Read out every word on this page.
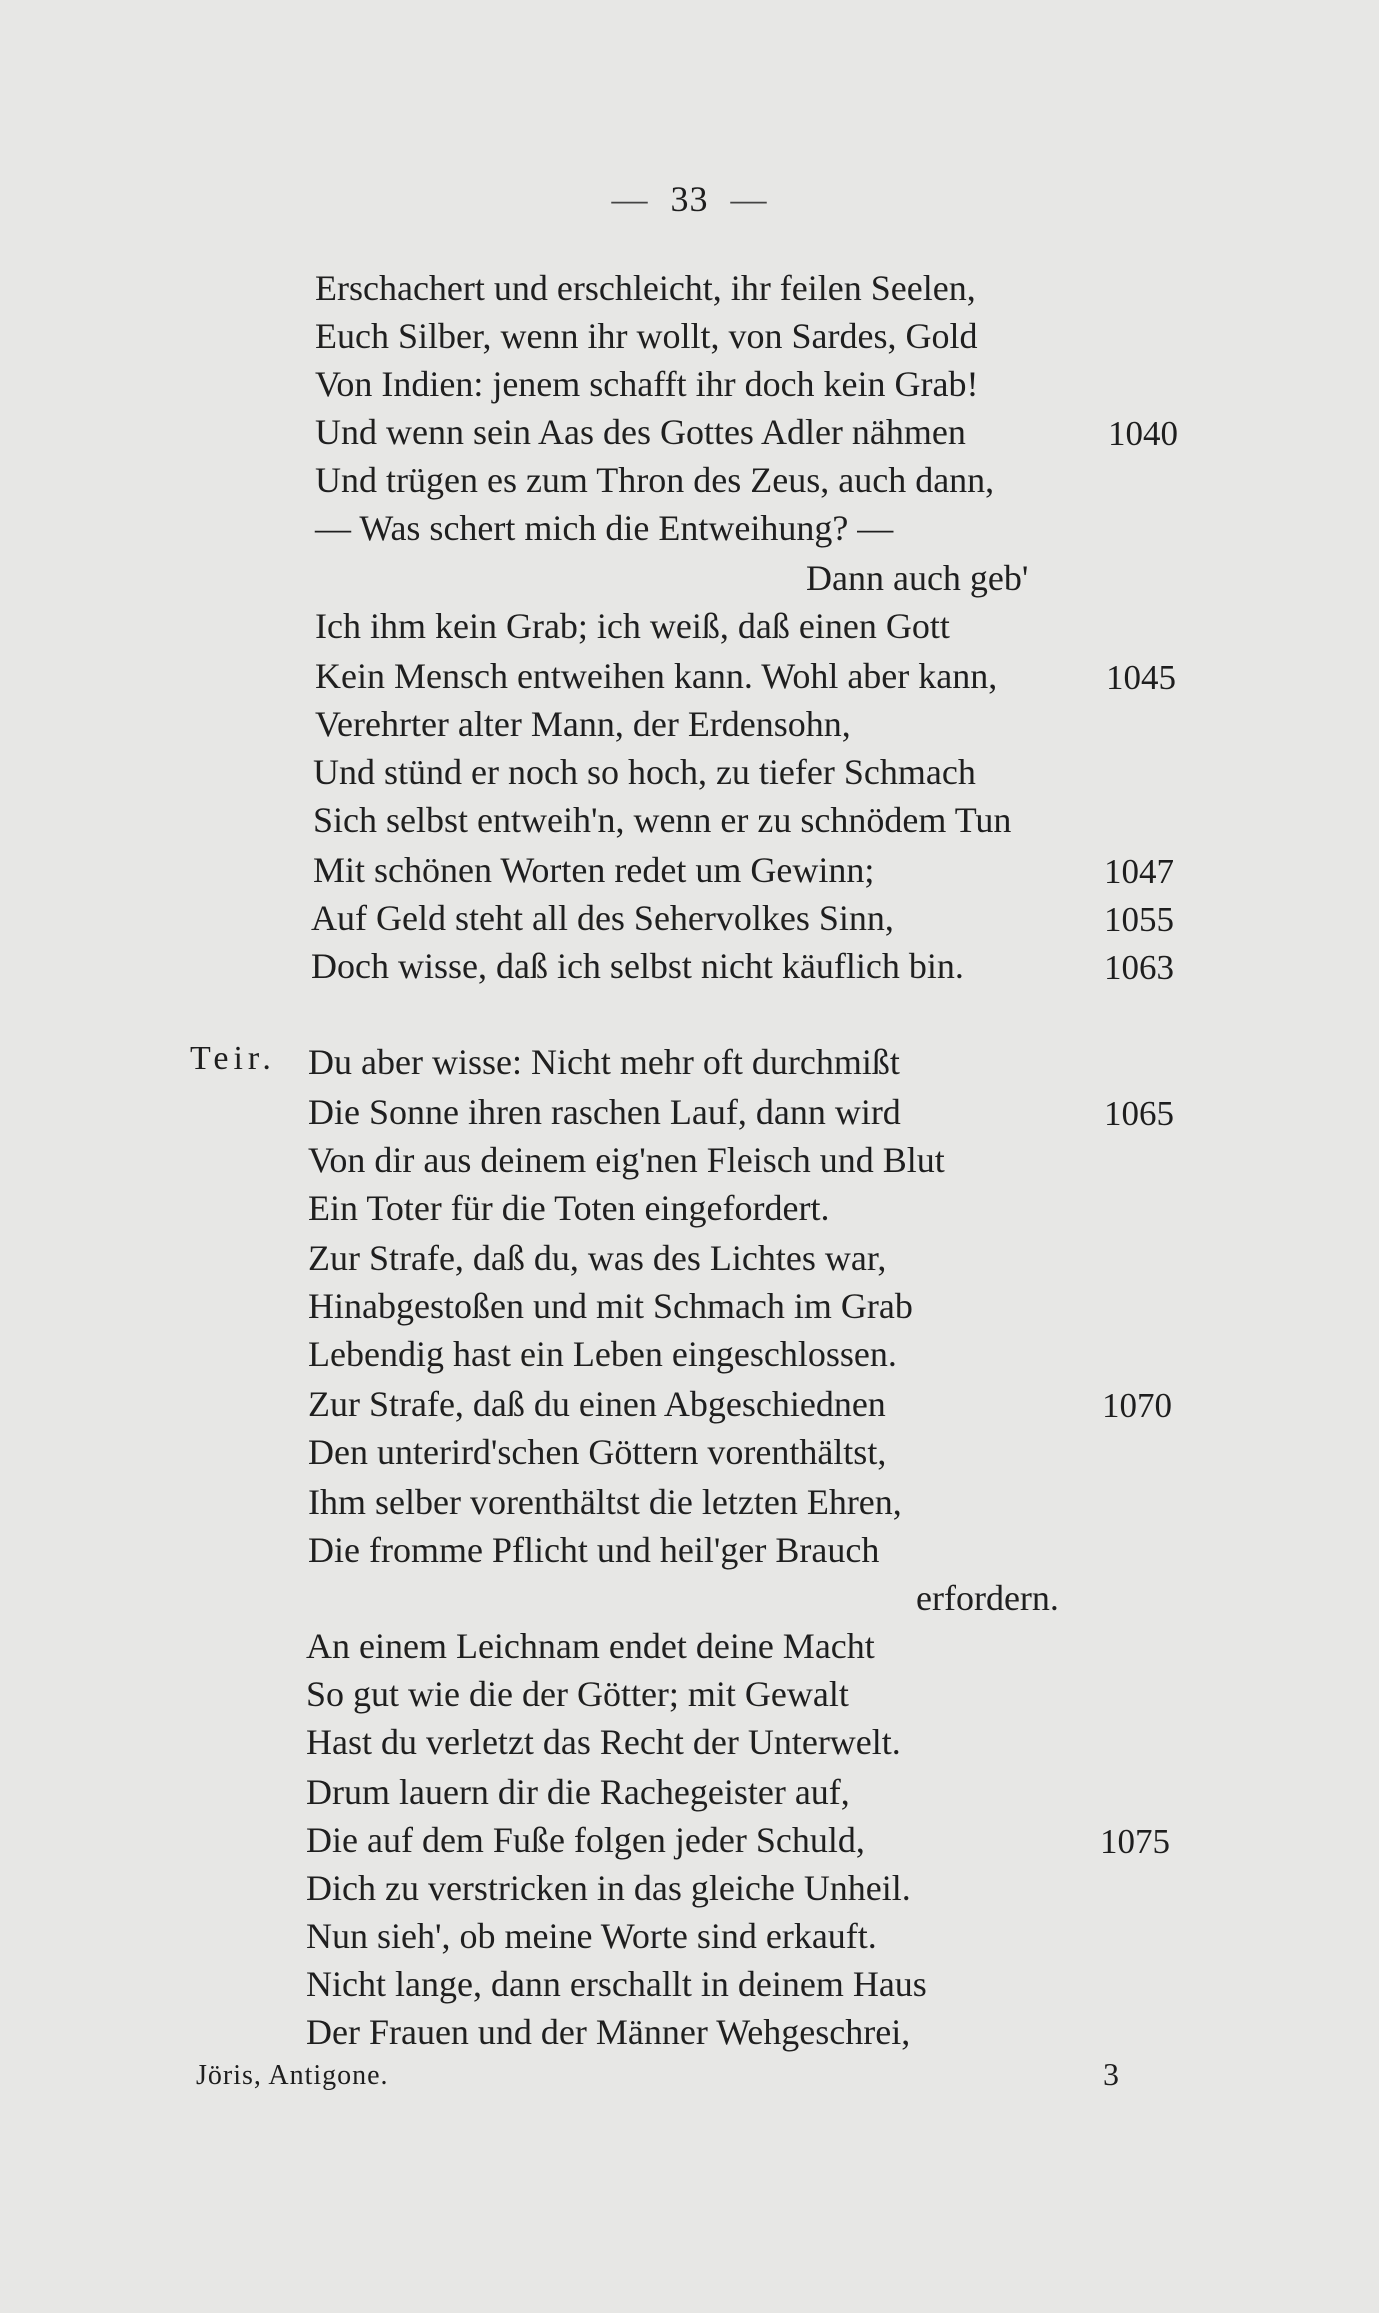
— 33 —
Erschachert und erschleicht, ihr feilen Seelen,
Euch Silber, wenn ihr wollt, von Sardes, Gold
Von Indien: jenem schafft ihr doch kein Grab!
Und wenn sein Aas des Gottes Adler nähmen	1040
Und trügen es zum Thron des Zeus, auch dann,
— Was schert mich die Entweihung? —
Dann auch geb'
Ich ihm kein Grab; ich weiß, daß einen Gott
Kein Mensch entweihen kann. Wohl aber kann,	1045
Verehrter alter Mann, der Erdensohn,
Und stünd er noch so hoch, zu tiefer Schmach
Sich selbst entweih'n, wenn er zu schnödem Tun
Mit schönen Worten redet um Gewinn;	1047
Auf Geld steht all des Sehervolkes Sinn,	1055
Doch wisse, daß ich selbst nicht käuflich bin.	1063
Teir. Du aber wisse: Nicht mehr oft durchmißt
Die Sonne ihren raschen Lauf, dann wird	1065
Von dir aus deinem eig'nen Fleisch und Blut
Ein Toter für die Toten eingefordert.
Zur Strafe, daß du, was des Lichtes war,
Hinabgestoßen und mit Schmach im Grab
Lebendig hast ein Leben eingeschlossen.
Zur Strafe, daß du einen Abgeschiednen	1070
Den unterird'schen Göttern vorenthältst,
Ihm selber vorenthältst die letzten Ehren,
Die fromme Pflicht und heil'ger Brauch
erfordern.
An einem Leichnam endet deine Macht
So gut wie die der Götter; mit Gewalt
Hast du verletzt das Recht der Unterwelt.
Drum lauern dir die Rachegeister auf,
Die auf dem Fuße folgen jeder Schuld,	1075
Dich zu verstricken in das gleiche Unheil.
Nun sieh', ob meine Worte sind erkauft.
Nicht lange, dann erschallt in deinem Haus
Der Frauen und der Männer Wehgeschrei,
Jöris, Antigone.	3
